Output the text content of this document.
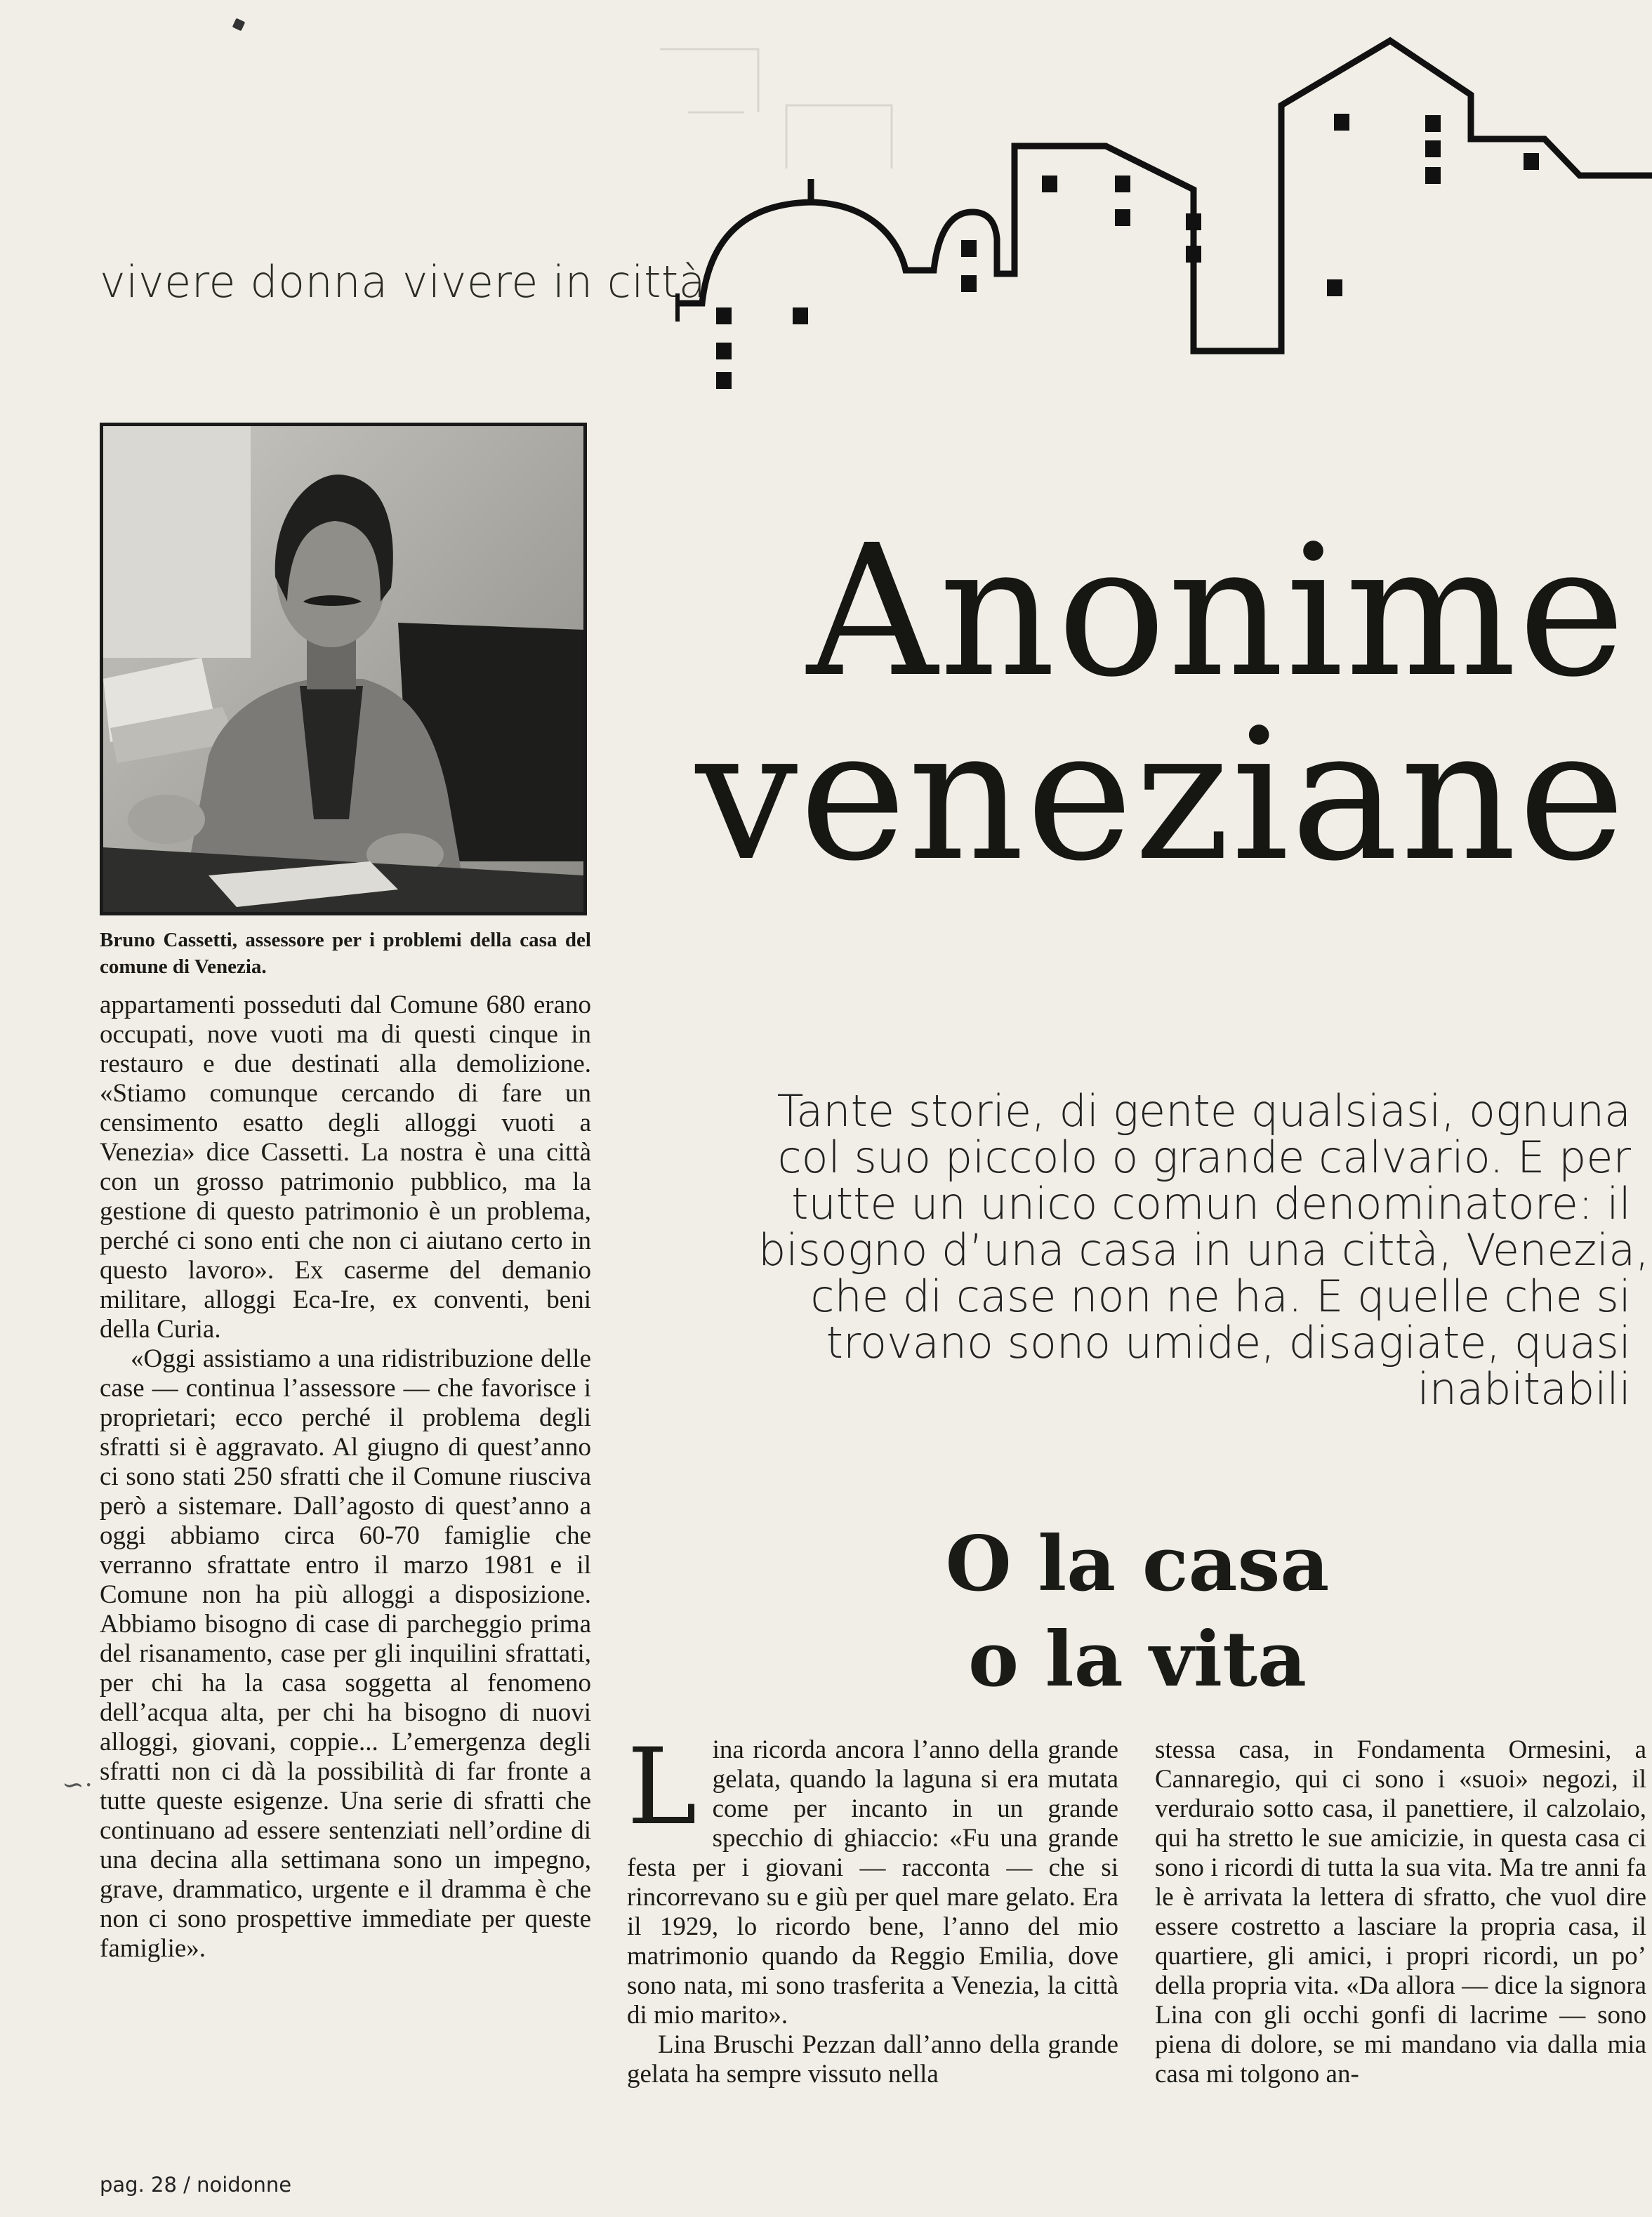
∽·
vivere donna vivere in città
Bruno Cassetti, assessore per i problemi della casa del comune di Venezia.
Anonime
veneziane
Tante storie, di gente qualsiasi, ognuna
col suo piccolo o grande calvario. E per
tutte un unico comun denominatore: il
bisogno d’una casa in una città, Venezia,
che di case non ne ha. E quelle che si
trovano sono umide, disagiate, quasi
inabitabili
O la casa
o la vita

appartamenti posseduti dal Comune 680 erano occupati, nove vuoti ma di questi cinque in restauro e due destinati alla demolizione. «Stiamo comunque cercando di fare un censimento esatto degli alloggi vuoti a Venezia» dice Cassetti. La nostra è una città con un grosso patrimonio pubblico, ma la gestione di questo patrimonio è un problema, perché ci sono enti che non ci aiutano certo in questo lavoro». Ex caserme del demanio militare, alloggi Eca-Ire, ex conventi, beni della Curia.

«Oggi assistiamo a una ridistribuzione delle case — continua l’assessore — che favorisce i proprietari; ecco perché il problema degli sfratti si è aggravato. Al giugno di quest’anno ci sono stati 250 sfratti che il Comune riusciva però a sistemare. Dall’agosto di quest’anno a oggi abbiamo circa 60-70 famiglie che verranno sfrattate entro il marzo 1981 e il Comune non ha più alloggi a disposizione. Abbiamo bisogno di case di parcheggio prima del risanamento, case per gli inquilini sfrattati, per chi ha la casa soggetta al fenomeno dell’acqua alta, per chi ha bisogno di nuovi alloggi, giovani, coppie... L’emergenza degli sfratti non ci dà la possibilità di far fronte a tutte queste esigenze. Una serie di sfratti che continuano ad essere sentenziati nell’ordine di una decina alla settimana sono un impegno, grave, drammatico, urgente e il dramma è che non ci sono prospettive immediate per queste famiglie».

Lina ricorda ancora l’anno della grande gelata, quando la laguna si era mutata come per incanto in un grande specchio di ghiaccio: «Fu una grande festa per i giovani — racconta — che si rincorrevano su e giù per quel mare gelato. Era il 1929, lo ricordo bene, l’anno del mio matrimonio quando da Reggio Emilia, dove sono nata, mi sono trasferita a Venezia, la città di mio marito».

Lina Bruschi Pezzan dall’anno della grande gelata ha sempre vissuto nella

stessa casa, in Fondamenta Ormesini, a Cannaregio, qui ci sono i «suoi» negozi, il verduraio sotto casa, il panettiere, il calzolaio, qui ha stretto le sue amicizie, in questa casa ci sono i ricordi di tutta la sua vita. Ma tre anni fa le è arrivata la lettera di sfratto, che vuol dire essere costretto a lasciare la propria casa, il quartiere, gli amici, i propri ricordi, un po’ della propria vita. «Da allora — dice la signora Lina con gli occhi gonfi di lacrime — sono piena di dolore, se mi mandano via dalla mia casa mi tolgono an-

pag. 28 / noidonne
